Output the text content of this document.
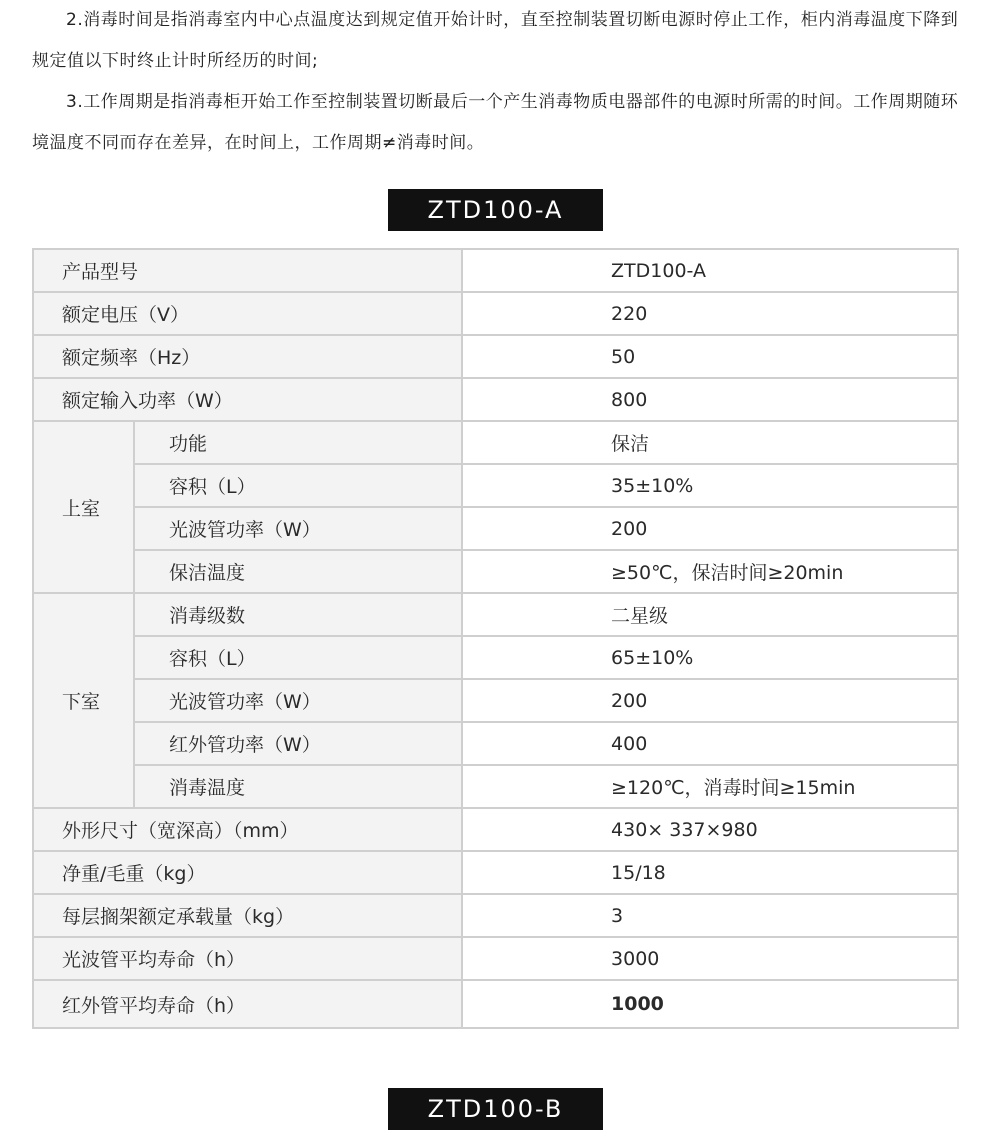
2.消毒时间是指消毒室内中心点温度达到规定值开始计时，直至控制装置切断电源时停止工作，柜内消毒温度下降到规定值以下时终止计时所经历的时间;
3.工作周期是指消毒柜开始工作至控制装置切断最后一个产生消毒物质电器部件的电源时所需的时间。工作周期随环境温度不同而存在差异，在时间上，工作周期≠消毒时间。
ZTD100-A
产品型号		ZTD100-A
额定电压（V）		220
额定频率（Hz）		50
额定输入功率（W）		800
上室	功能	保洁
	容积（L）	35±10%
	光波管功率（W）	200
	保洁温度	≥50℃，保洁时间≥20min
下室	消毒级数	二星级
	容积（L）	65±10%
	光波管功率（W）	200
	红外管功率（W）	400
	消毒温度	≥120℃，消毒时间≥15min
外形尺寸（宽深高）（mm）		430× 337×980
净重/毛重（kg）		15/18
每层搁架额定承载量（kg）		3
光波管平均寿命（h）		3000
红外管平均寿命（h）		1000
ZTD100-B
